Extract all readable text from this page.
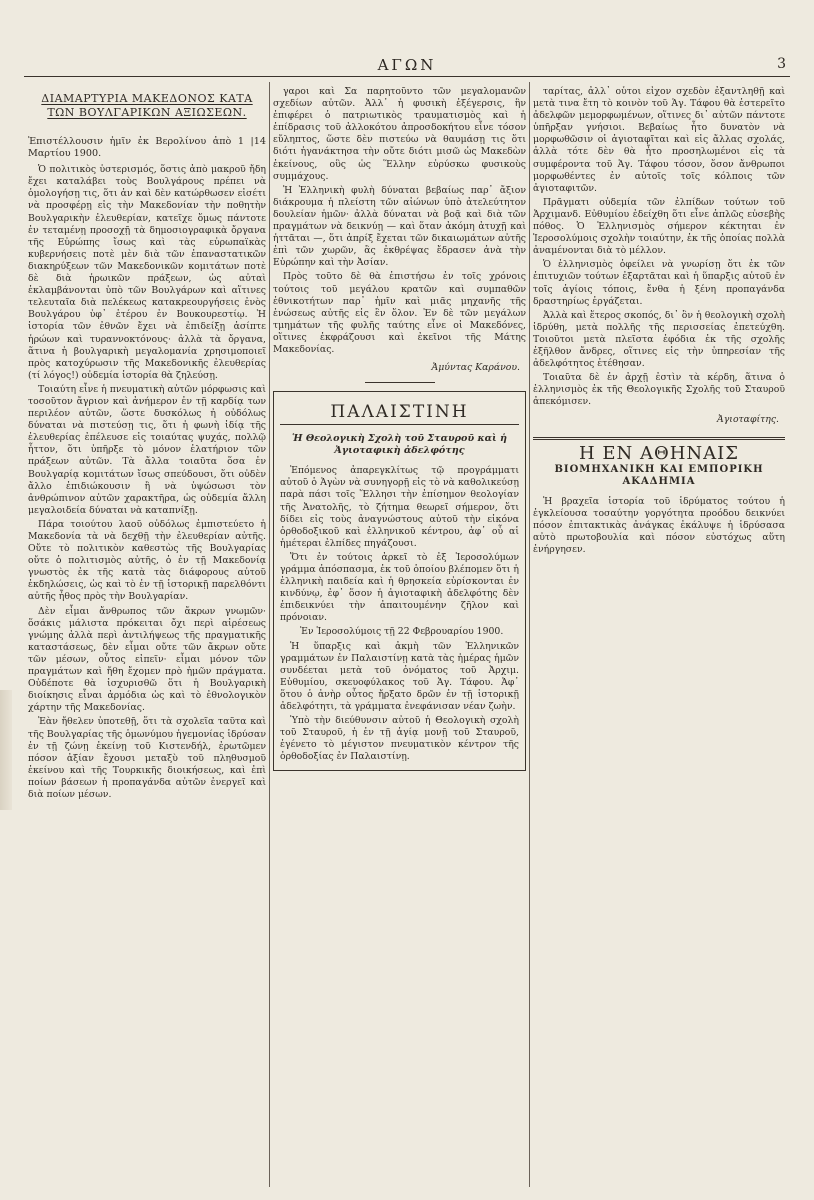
ΑΓΩΝ	3
ΔΙΑΜΑΡΤΥΡΙΑ ΜΑΚΕΔΟΝΟΣ ΚΑΤΑ ΤΩΝ ΒΟΥΛΓΑΡΙΚΩΝ ΑΞΙΩΣΕΩΝ.
Ἐπιστέλλουσιν ἡμῖν ἐκ Βερολίνου ἀπὸ 1 |14 Μαρτίου 1900.

Ὁ πολιτικὸς ὑστερισμός, ὅστις ἀπὸ μακροῦ ἤδη ἔχει καταλάβει τοὺς Βουλγάρους πρέπει νὰ ὁμολογήσῃ τις, ὅτι ἀν καὶ δὲν κατώρθωσεν εἰσέτι νὰ προσφέρῃ εἰς τὴν Μακεδονίαν τὴν ποθητὴν Βουλγαρικὴν ἐλευθερίαν, κατεῖχε ὅμως πάντοτε ἐν τεταμένῃ προσοχῇ τὰ δημοσιογραφικὰ ὄργανα τῆς Εὐρώπης ἴσως καὶ τὰς εὐρωπαϊκὰς κυβερνήσεις ποτὲ μὲν διὰ τῶν ἐπαναστατικῶν διακηρύξεων τῶν Μακεδονικῶν κομιτάτων ποτὲ δὲ διὰ ἡρωικῶν πράξεων, ὡς αὐταὶ ἐκλαμβάνονται ὑπὸ τῶν Βουλγάρων καὶ αἵτινες τελευταῖα διὰ πελέκεως κατακρεουργήσεις ἐνὸς Βουλγάρου ὑφ᾽ ἑτέρου ἐν Βουκουρεστίῳ. Ἡ ἱστορία τῶν ἐθνῶν ἔχει νὰ ἐπιδείξῃ ἀσίπτε ἡρώων καὶ τυραννοκτόνους· ἀλλὰ τὰ ὄργανα, ἅτινα ἡ βουλγαρικὴ μεγαλομανία χρησιμοποιεῖ πρὸς κατοχύρωσιν τῆς Μακεδονικῆς ἐλευθερίας (τί λόγος!) οὐδεμία ἱστορία θὰ ζηλεύσῃ.

Τοιαύτη εἶνε ἡ πνευματικὴ αὐτῶν μόρφωσις καὶ τοσοῦτον ἄγριον καὶ ἀνήμερον ἐν τῇ καρδίᾳ των περιλέον αὐτῶν, ὥστε δυσκόλως ἠ οὐδόλως δύναται νὰ πιστεύσῃ τις, ὅτι ἡ φωνὴ ἰδίᾳ τῆς ἐλευθερίας ἐπέλευσε εἰς τοιαύτας ψυχάς, πολλῷ ἧττον, ὅτι ὑπῆρξε τὸ μόνον ἐλατήριον τῶν πράξεων αὐτῶν. Τὰ ἄλλα τοιαῦτα ὅσα ἐν Βουλγαρίᾳ κομιτάτων ἴσως σπεύδουσι, ὅτι οὐδὲν ἄλλο ἐπιδιώκουσιν ἢ νὰ ὑψώσωσι τὸν ἀνθρώπινον αὐτῶν χαρακτῆρα, ὡς οὐδεμία ἄλλη μεγαλοιδεία δύναται νὰ καταπνίξῃ.

Πάρα τοιούτου λαοῦ οὐδόλως ἐμπιστεύετο ἡ Μακεδονία τὰ νὰ δεχθῇ τὴν ἐλευθερίαν αὐτῆς. Οὔτε τὸ πολιτικὸν καθεστὼς τῆς Βουλγαρίας οὔτε ὁ πολιτισμὸς αὐτῆς, ὁ ἐν τῇ Μακεδονίᾳ γνωστὸς ἐκ τῆς κατὰ τὰς διάφορους αὐτοῦ ἐκδηλώσεις, ὡς καὶ τὸ ἐν τῇ ἱστορικῇ παρελθόντι αὐτῆς ἦθος πρὸς τὴν Βουλγαρίαν.

Δὲν εἶμαι ἄνθρωπος τῶν ἄκρων γνωμῶν· ὅσάκις μάλιστα πρόκειται ὄχι περὶ αἰρέσεως γνώμης ἀλλὰ περὶ ἀντιλήψεως τῆς πραγματικῆς καταστάσεως, δὲν εἶμαι οὔτε τῶν ἄκρων οὔτε τῶν μέσων, οὗτος εἰπεῖν· εἶμαι μόνον τῶν πραγμάτων καὶ ἤθη ἔχομεν πρὸ ἡμῶν πράγματα. Οὐδέποτε θὰ ἰσχυρισθῶ ὅτι ἡ Βουλγαρικὴ διοίκησις εἶναι ἀρμόδια ὡς καὶ τὸ ἐθνολογικὸν χάρτην τῆς Μακεδονίας.

Ἐὰν ἤθελεν ὑποτεθῇ, ὅτι τὰ σχολεῖα ταῦτα καὶ τῆς Βουλγαρίας τῆς ὁμωνύμου ἡγεμονίας ἱδρύσαν ἐν τῇ ζώνῃ ἐκείνῃ τοῦ Κιστενδήλ, ἐρωτῶμεν πόσον ἀξίαν ἔχουσι μεταξὺ τοῦ πληθυσμοῦ ἐκείνου καὶ τῆς Τουρκικῆς διοικήσεως, καὶ ἐπὶ ποίων βάσεων ἡ προπαγάνδα αὐτῶν ἐνεργεῖ καὶ διὰ ποίων μέσων.

γαροι καὶ Σα παρητοῦντο τῶν μεγαλομανῶν σχεδίων αὐτῶν. Ἀλλ᾽ ἡ φυσικὴ ἐξέγερσις, ἣν ἐπιφέρει ὁ πατριωτικὸς τραυματισμὸς καὶ ἡ ἐπίδρασις τοῦ ἀλλοκότου ἀπροσδοκήτου εἶνε τόσον εὔληπτος, ὥστε δὲν πιστεύω νὰ θαυμάσῃ τις ὅτι διότι ἠγανάκτησα τὴν οὔτε διότι μισῶ ὡς Μακεδὼν ἐκείνους, οὓς ὡς Ἕλλην εὐρύσκω φυσικοὺς συμμάχους.

Ἡ Ἑλληνικὴ φυλὴ δύναται βεβαίως παρ᾽ ἄξιον διάκρουμα ἡ πλείστη τῶν αἰώνων ὑπὸ ἀτελεύτητον δουλείαν ἡμῶν· ἀλλὰ δύναται νὰ βοᾷ καὶ διὰ τῶν πραγμάτων νὰ δεικνύῃ — καὶ ὅταν ἀκόμη ἀτυχῇ καὶ ἡττᾶται —, ὅτι ἀπρίξ ἔχεται τῶν δικαιωμάτων αὐτῆς ἐπὶ τῶν χωρῶν, ἃς ἐκθρέψας ἔδρασεν ἀνὰ τὴν Εὐρώπην καὶ τὴν Ἀσίαν.

Πρὸς τοῦτο δὲ θὰ ἐπιστήσω ἐν τοῖς χρόνοις τούτοις τοῦ μεγάλου κρατῶν καὶ συμπαθῶν ἐθνικοτήτων παρ᾽ ἡμῖν καὶ μιᾶς μηχανῆς τῆς ἑνώσεως αὐτῆς εἰς ἓν ὅλον. Ἐν δὲ τῶν μεγάλων τμημάτων τῆς φυλῆς ταύτης εἶνε οἱ Μακεδόνες, οἵτινες ἐκφράζουσι καὶ ἐκεῖνοι τῆς Μάτης Μακεδονίας.

Ἀμύντας Καράνου.
ΠΑΛΑΙΣΤΙΝΗ
Ἡ Θεολογικὴ Σχολὴ τοῦ Σταυροῦ καὶ ἡ Ἀγιοταφικὴ ἀδελφότης

Ἐπόμενος ἀπαρεγκλίτως τῷ προγράμματι αὐτοῦ ὁ Ἀγὼν νὰ συνηγορῇ εἰς τὸ νὰ καθολικεύσῃ παρὰ πάσι τοῖς Ἕλλησι τὴν ἐπίσημον θεολογίαν τῆς Ἀνατολῆς, τὸ ζήτημα θεωρεῖ σήμερον, ὅτι δίδει εἰς τοὺς ἀναγνώστους αὐτοῦ τὴν εἰκόνα ὀρθοδοξικοῦ καὶ ἑλληνικοῦ κέντρου, ἀφ᾽ οὗ αἱ ἡμέτεραι ἐλπίδες πηγάζουσι.

Ὅτι ἐν τούτοις ἀρκεῖ τὸ ἐξ Ἱεροσολύμων γράμμα ἀπόσπασμα, ἐκ τοῦ ὁποίου βλέπομεν ὅτι ἡ ἑλληνικὴ παιδεία καὶ ἡ θρησκεία εὑρίσκονται ἐν κινδύνῳ, ἐφ᾽ ὅσον ἡ ἀγιοταφικὴ ἀδελφότης δὲν ἐπιδεικνύει τὴν ἀπαιτουμένην ζῆλον καὶ πρόνοιαν.

Ἐν Ἱεροσολύμοις τῇ 22 Φεβρουαρίου 1900.

Ἡ ὕπαρξις καὶ ἀκμὴ τῶν Ἑλληνικῶν γραμμάτων ἐν Παλαιστίνῃ κατὰ τὰς ἡμέρας ἡμῶν συνδέεται μετὰ τοῦ ὀνόματος τοῦ Ἀρχιμ. Εὐθυμίου, σκευοφύλακος τοῦ Ἁγ. Τάφου. Ἀφ᾽ ὅτου ὁ ἀνὴρ οὗτος ἤρξατο δρῶν ἐν τῇ ἱστορικῇ ἀδελφότητι, τὰ γράμματα ἐνεφάνισαν νέαν ζωὴν.

Ὑπὸ τὴν διεύθυνσιν αὐτοῦ ἡ Θεολογικὴ σχολὴ τοῦ Σταυροῦ, ἡ ἐν τῇ ἁγίᾳ μονῇ τοῦ Σταυροῦ, ἐγένετο τὸ μέγιστον πνευματικὸν κέντρον τῆς ὀρθοδοξίας ἐν Παλαιστίνῃ.

ταρίτας, ἀλλ᾽ οὗτοι εἶχον σχεδὸν ἐξαντληθῇ καὶ μετὰ τινα ἔτη τὸ κοινὸν τοῦ Ἁγ. Τάφου θὰ ἐστερεῖτο ἀδελφῶν μεμορφωμένων, οἵτινες δι᾽ αὐτῶν πάντοτε ὑπῆρξαν γνήσιοι. Βεβαίως ἦτο δυνατὸν νὰ μορφωθῶσιν οἱ ἀγιοταφῖται καὶ εἰς ἄλλας σχολάς, ἀλλὰ τότε δὲν θὰ ἦτο προσηλωμένοι εἰς τὰ συμφέροντα τοῦ Ἁγ. Τάφου τόσον, ὅσον ἄνθρωποι μορφωθέντες ἐν αὐτοῖς τοῖς κόλποις τῶν ἀγιοταφιτῶν.

Πρᾶγματι οὐδεμία τῶν ἐλπίδων τούτων τοῦ Ἀρχιμανδ. Εὐθυμίου ἐδείχθη ὅτι εἶνε ἁπλῶς εὐσεβὴς πόθος. Ὁ Ἑλληνισμὸς σήμερον κέκτηται ἐν Ἱεροσολύμοις σχολὴν τοιαύτην, ἐκ τῆς ὁποίας πολλὰ ἀναμένονται διὰ τὸ μέλλον.

Ὁ ἑλληνισμὸς ὀφείλει νὰ γνωρίσῃ ὅτι ἐκ τῶν ἐπιτυχιῶν τούτων ἐξαρτᾶται καὶ ἡ ὕπαρξις αὐτοῦ ἐν τοῖς ἁγίοις τόποις, ἔνθα ἡ ξένη προπαγάνδα δραστηρίως ἐργάζεται.

Ἀλλὰ καὶ ἕτερος σκοπός, δι᾽ ὃν ἡ θεολογικὴ σχολὴ ἱδρύθη, μετὰ πολλῆς τῆς περισσείας ἐπετεύχθη. Τοιοῦτοι μετὰ πλεῖστα ἐφόδια ἐκ τῆς σχολῆς ἐξῆλθον ἄνδρες, οἵτινες εἰς τὴν ὑπηρεσίαν τῆς ἀδελφότητος ἐτέθησαν.

Τοιαῦτα δὲ ἐν ἀρχῇ ἐστὶν τὰ κέρδη, ἅτινα ὁ ἑλληνισμὸς ἐκ τῆς Θεολογικῆς Σχολῆς τοῦ Σταυροῦ ἀπεκόμισεν.

Ἀγιοταφίτης.
Η ΕΝ ΑΘΗΝΑΙΣ
ΒΙΟΜΗΧΑΝΙΚΗ ΚΑΙ ΕΜΠΟΡΙΚΗ ΑΚΑΔΗΜΙΑ

Ἡ βραχεῖα ἱστορία τοῦ ἱδρύματος τούτου ἡ ἐγκλείουσα τοσαύτην γοργότητα προόδου δεικνύει πόσον ἐπιτακτικὰς ἀνάγκας ἐκάλυψε ἡ ἱδρύσασα αὐτὸ πρωτοβουλία καὶ πόσον εὐστόχως αὕτη ἐνήργησεν.
